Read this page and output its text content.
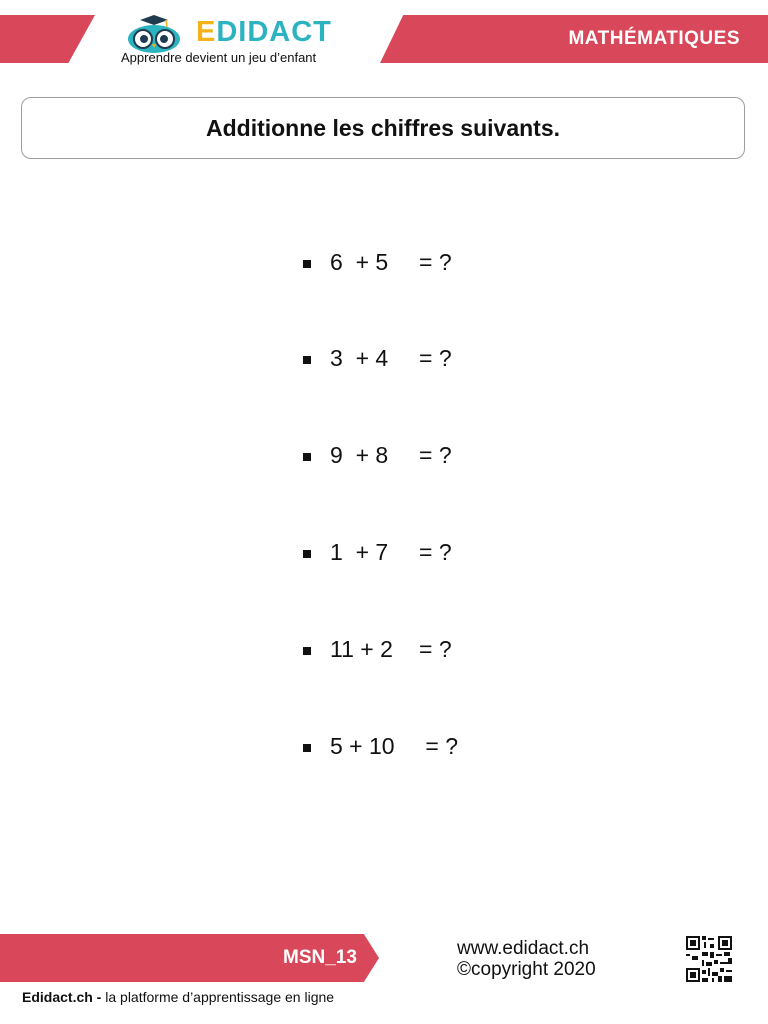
EDIDACT
Apprendre devient un jeu d’enfant
MATHÉMATIQUES
Additionne les chiffres suivants.
6  + 5 = ?
3  + 4 = ?
9  + 8 = ?
1  + 7 = ?
11 + 2 = ?
5 + 10 = ?
MSN_13	www.edidact.ch
©copyright 2020
Edidact.ch - la platforme d’apprentissage en ligne
